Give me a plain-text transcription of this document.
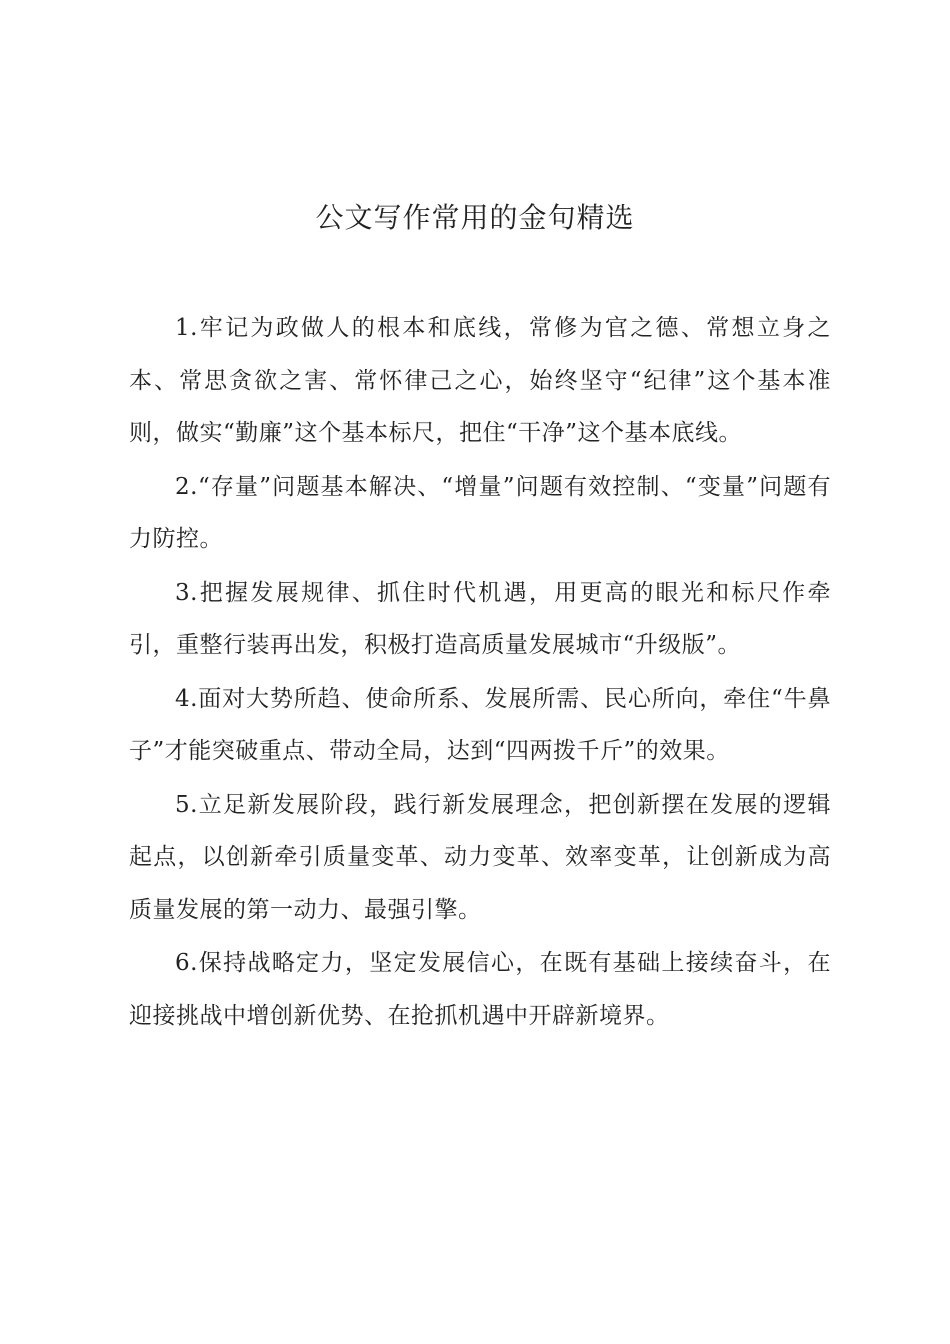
公文写作常用的金句精选

1.牢记为政做人的根本和底线，常修为官之德、常想立身之本、常思贪欲之害、常怀律己之心，始终坚守“纪律”这个基本准则，做实“勤廉”这个基本标尺，把住“干净”这个基本底线。

2.“存量”问题基本解决、“增量”问题有效控制、“变量”问题有力防控。

3.把握发展规律、抓住时代机遇，用更高的眼光和标尺作牵引，重整行装再出发，积极打造高质量发展城市“升级版”。

4.面对大势所趋、使命所系、发展所需、民心所向，牵住“牛鼻子”才能突破重点、带动全局，达到“四两拨千斤”的效果。

5.立足新发展阶段，践行新发展理念，把创新摆在发展的逻辑起点，以创新牵引质量变革、动力变革、效率变革，让创新成为高质量发展的第一动力、最强引擎。

6.保持战略定力，坚定发展信心，在既有基础上接续奋斗，在迎接挑战中增创新优势、在抢抓机遇中开辟新境界。
